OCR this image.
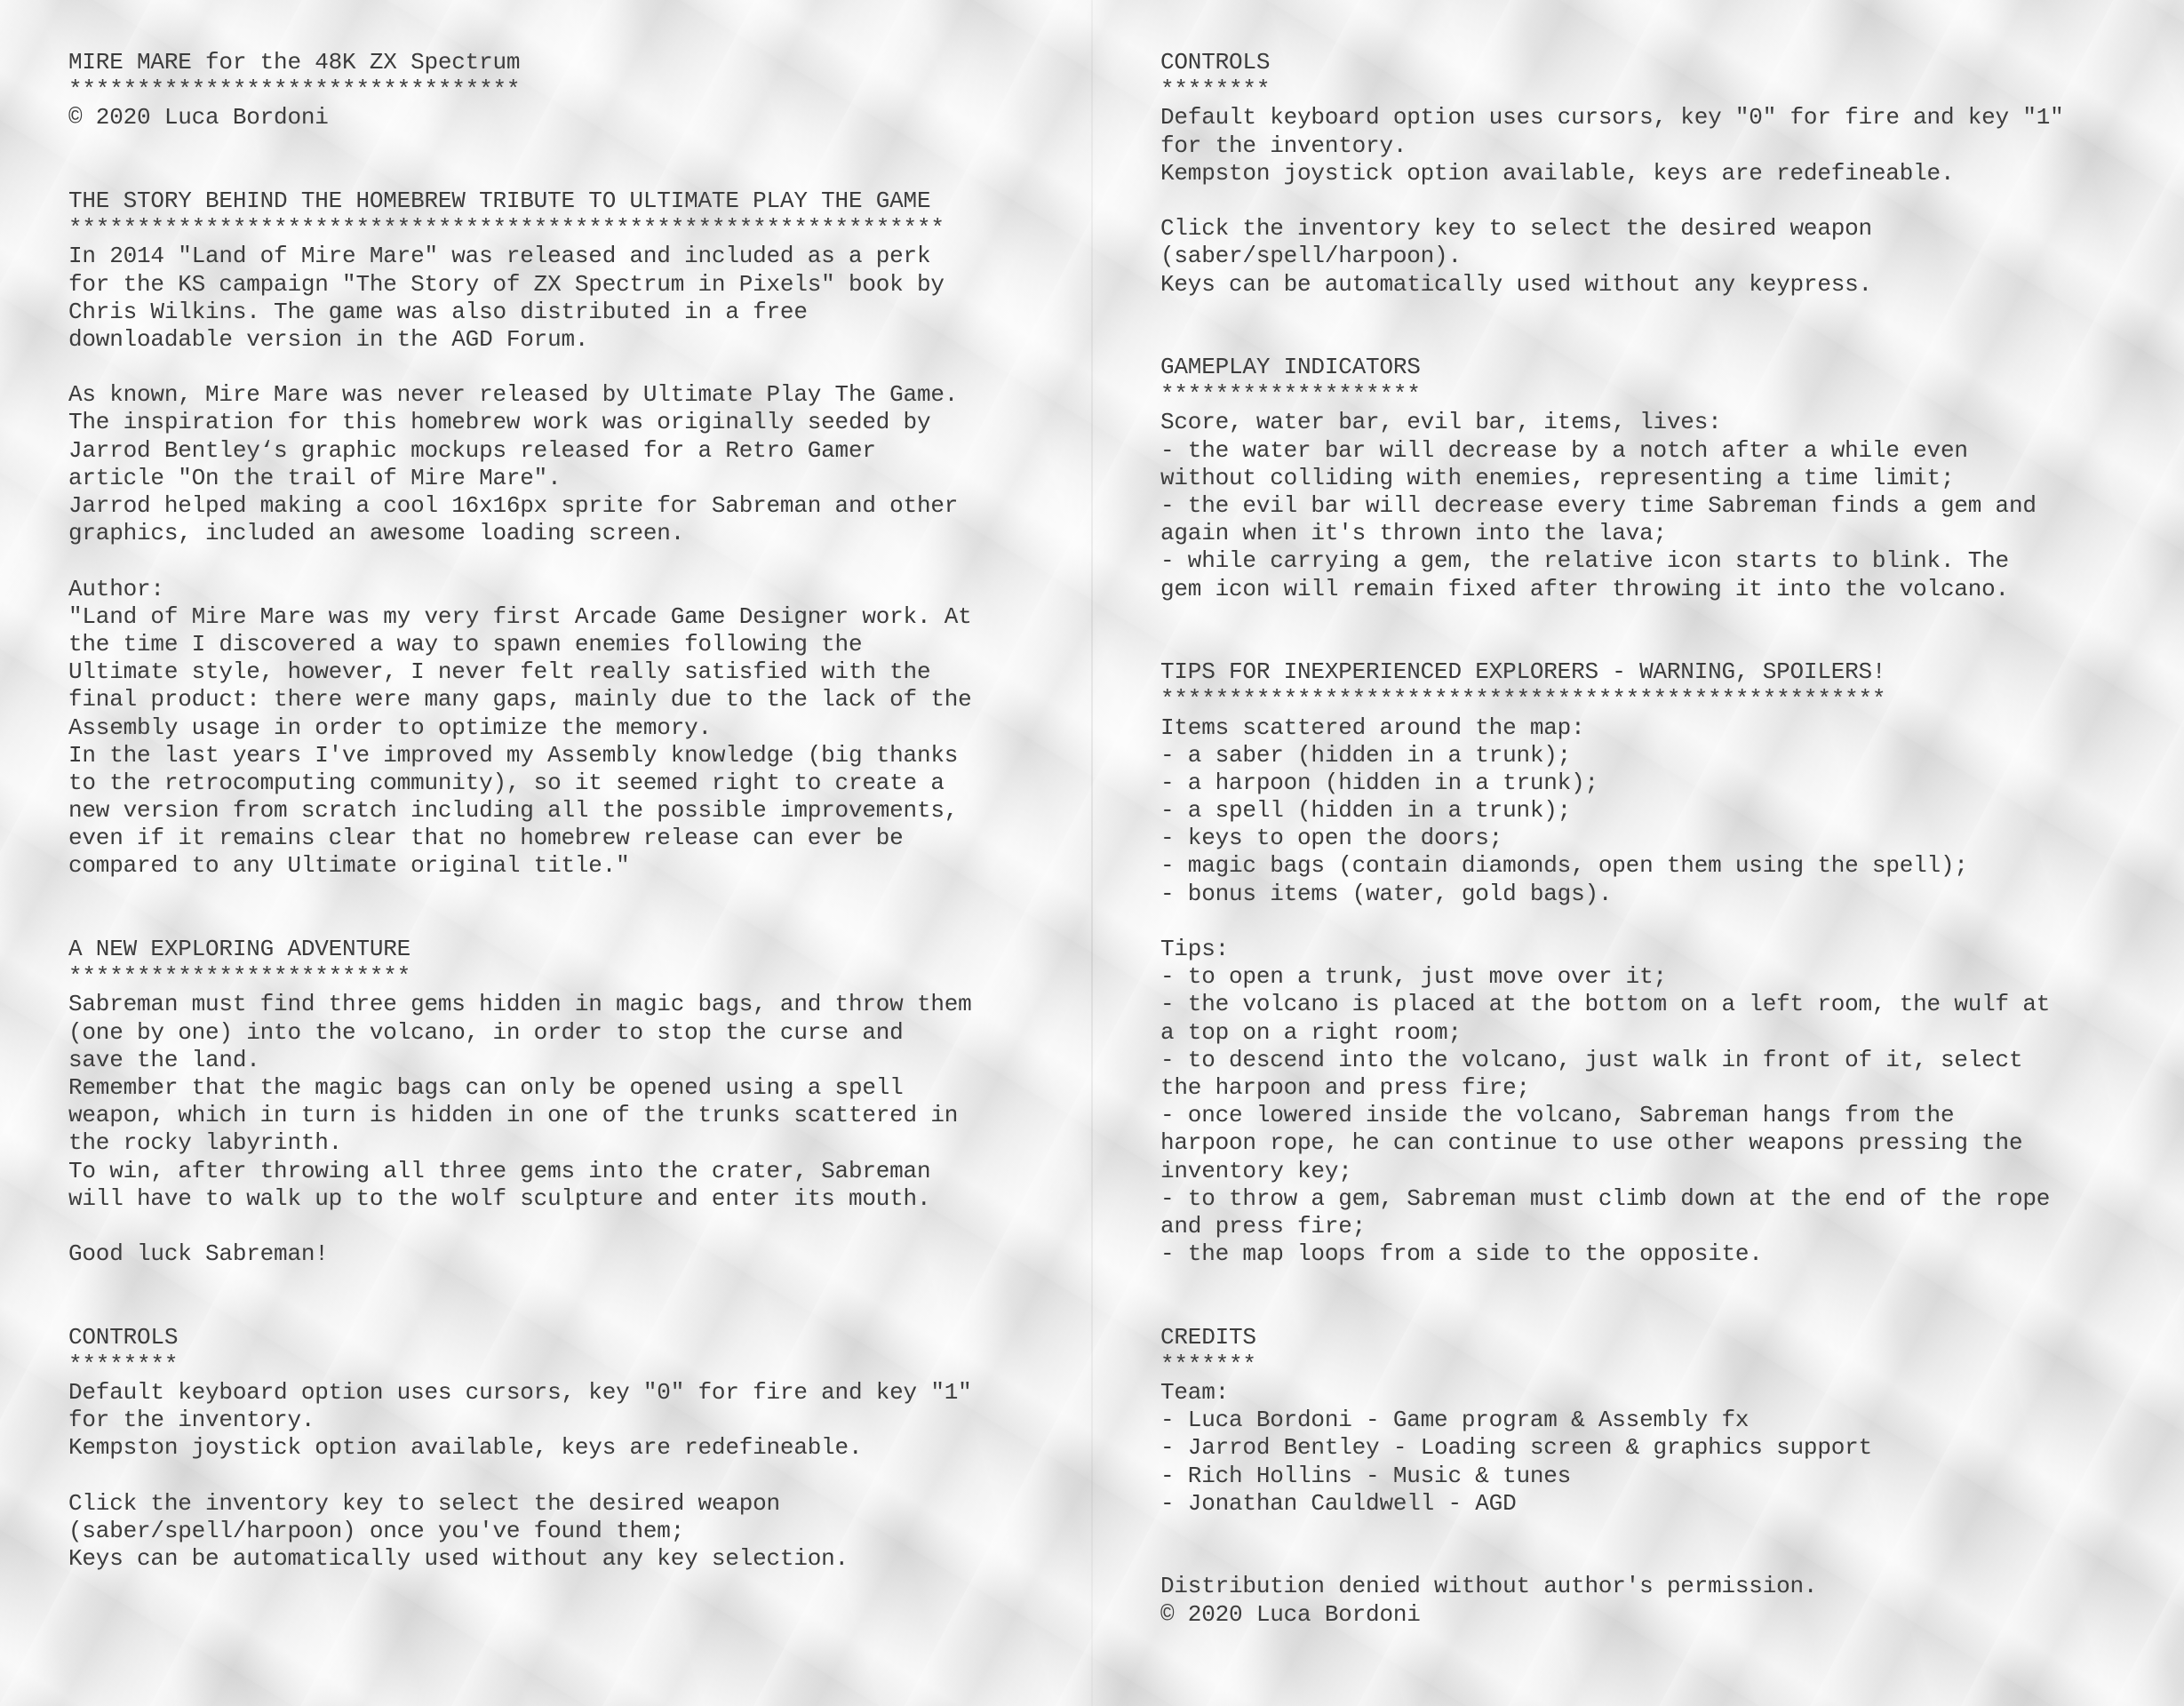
MIRE MARE for the 48K ZX Spectrum
*********************************
© 2020 Luca Bordoni
THE STORY BEHIND THE HOMEBREW TRIBUTE TO ULTIMATE PLAY THE GAME
****************************************************************
In 2014 "Land of Mire Mare" was released and included as a perk
for the KS campaign "The Story of ZX Spectrum in Pixels" book by
Chris Wilkins. The game was also distributed in a free
downloadable version in the AGD Forum.
As known, Mire Mare was never released by Ultimate Play The Game.
The inspiration for this homebrew work was originally seeded by
Jarrod Bentley‘s graphic mockups released for a Retro Gamer
article "On the trail of Mire Mare".
Jarrod helped making a cool 16x16px sprite for Sabreman and other
graphics, included an awesome loading screen.
Author:
"Land of Mire Mare was my very first Arcade Game Designer work. At
the time I discovered a way to spawn enemies following the
Ultimate style, however, I never felt really satisfied with the
final product: there were many gaps, mainly due to the lack of the
Assembly usage in order to optimize the memory.
In the last years I've improved my Assembly knowledge (big thanks
to the retrocomputing community), so it seemed right to create a
new version from scratch including all the possible improvements,
even if it remains clear that no homebrew release can ever be
compared to any Ultimate original title."
A NEW EXPLORING ADVENTURE
*************************
Sabreman must find three gems hidden in magic bags, and throw them
(one by one) into the volcano, in order to stop the curse and
save the land.
Remember that the magic bags can only be opened using a spell
weapon, which in turn is hidden in one of the trunks scattered in
the rocky labyrinth.
To win, after throwing all three gems into the crater, Sabreman
will have to walk up to the wolf sculpture and enter its mouth.
Good luck Sabreman!
CONTROLS
********
Default keyboard option uses cursors, key "0" for fire and key "1"
for the inventory.
Kempston joystick option available, keys are redefineable.
Click the inventory key to select the desired weapon
(saber/spell/harpoon) once you've found them;
Keys can be automatically used without any key selection.
CONTROLS
********
Default keyboard option uses cursors, key "0" for fire and key "1"
for the inventory.
Kempston joystick option available, keys are redefineable.
Click the inventory key to select the desired weapon
(saber/spell/harpoon).
Keys can be automatically used without any keypress.
GAMEPLAY INDICATORS
*******************
Score, water bar, evil bar, items, lives:
- the water bar will decrease by a notch after a while even
without colliding with enemies, representing a time limit;
- the evil bar will decrease every time Sabreman finds a gem and
again when it's thrown into the lava;
- while carrying a gem, the relative icon starts to blink. The
gem icon will remain fixed after throwing it into the volcano.
TIPS FOR INEXPERIENCED EXPLORERS - WARNING, SPOILERS!
*****************************************************
Items scattered around the map:
- a saber (hidden in a trunk);
- a harpoon (hidden in a trunk);
- a spell (hidden in a trunk);
- keys to open the doors;
- magic bags (contain diamonds, open them using the spell);
- bonus items (water, gold bags).
Tips:
- to open a trunk, just move over it;
- the volcano is placed at the bottom on a left room, the wulf at
a top on a right room;
- to descend into the volcano, just walk in front of it, select
the harpoon and press fire;
- once lowered inside the volcano, Sabreman hangs from the
harpoon rope, he can continue to use other weapons pressing the
inventory key;
- to throw a gem, Sabreman must climb down at the end of the rope
and press fire;
- the map loops from a side to the opposite.
CREDITS
*******
Team:
- Luca Bordoni - Game program & Assembly fx
- Jarrod Bentley - Loading screen & graphics support
- Rich Hollins - Music & tunes
- Jonathan Cauldwell - AGD
Distribution denied without author's permission.
© 2020 Luca Bordoni
